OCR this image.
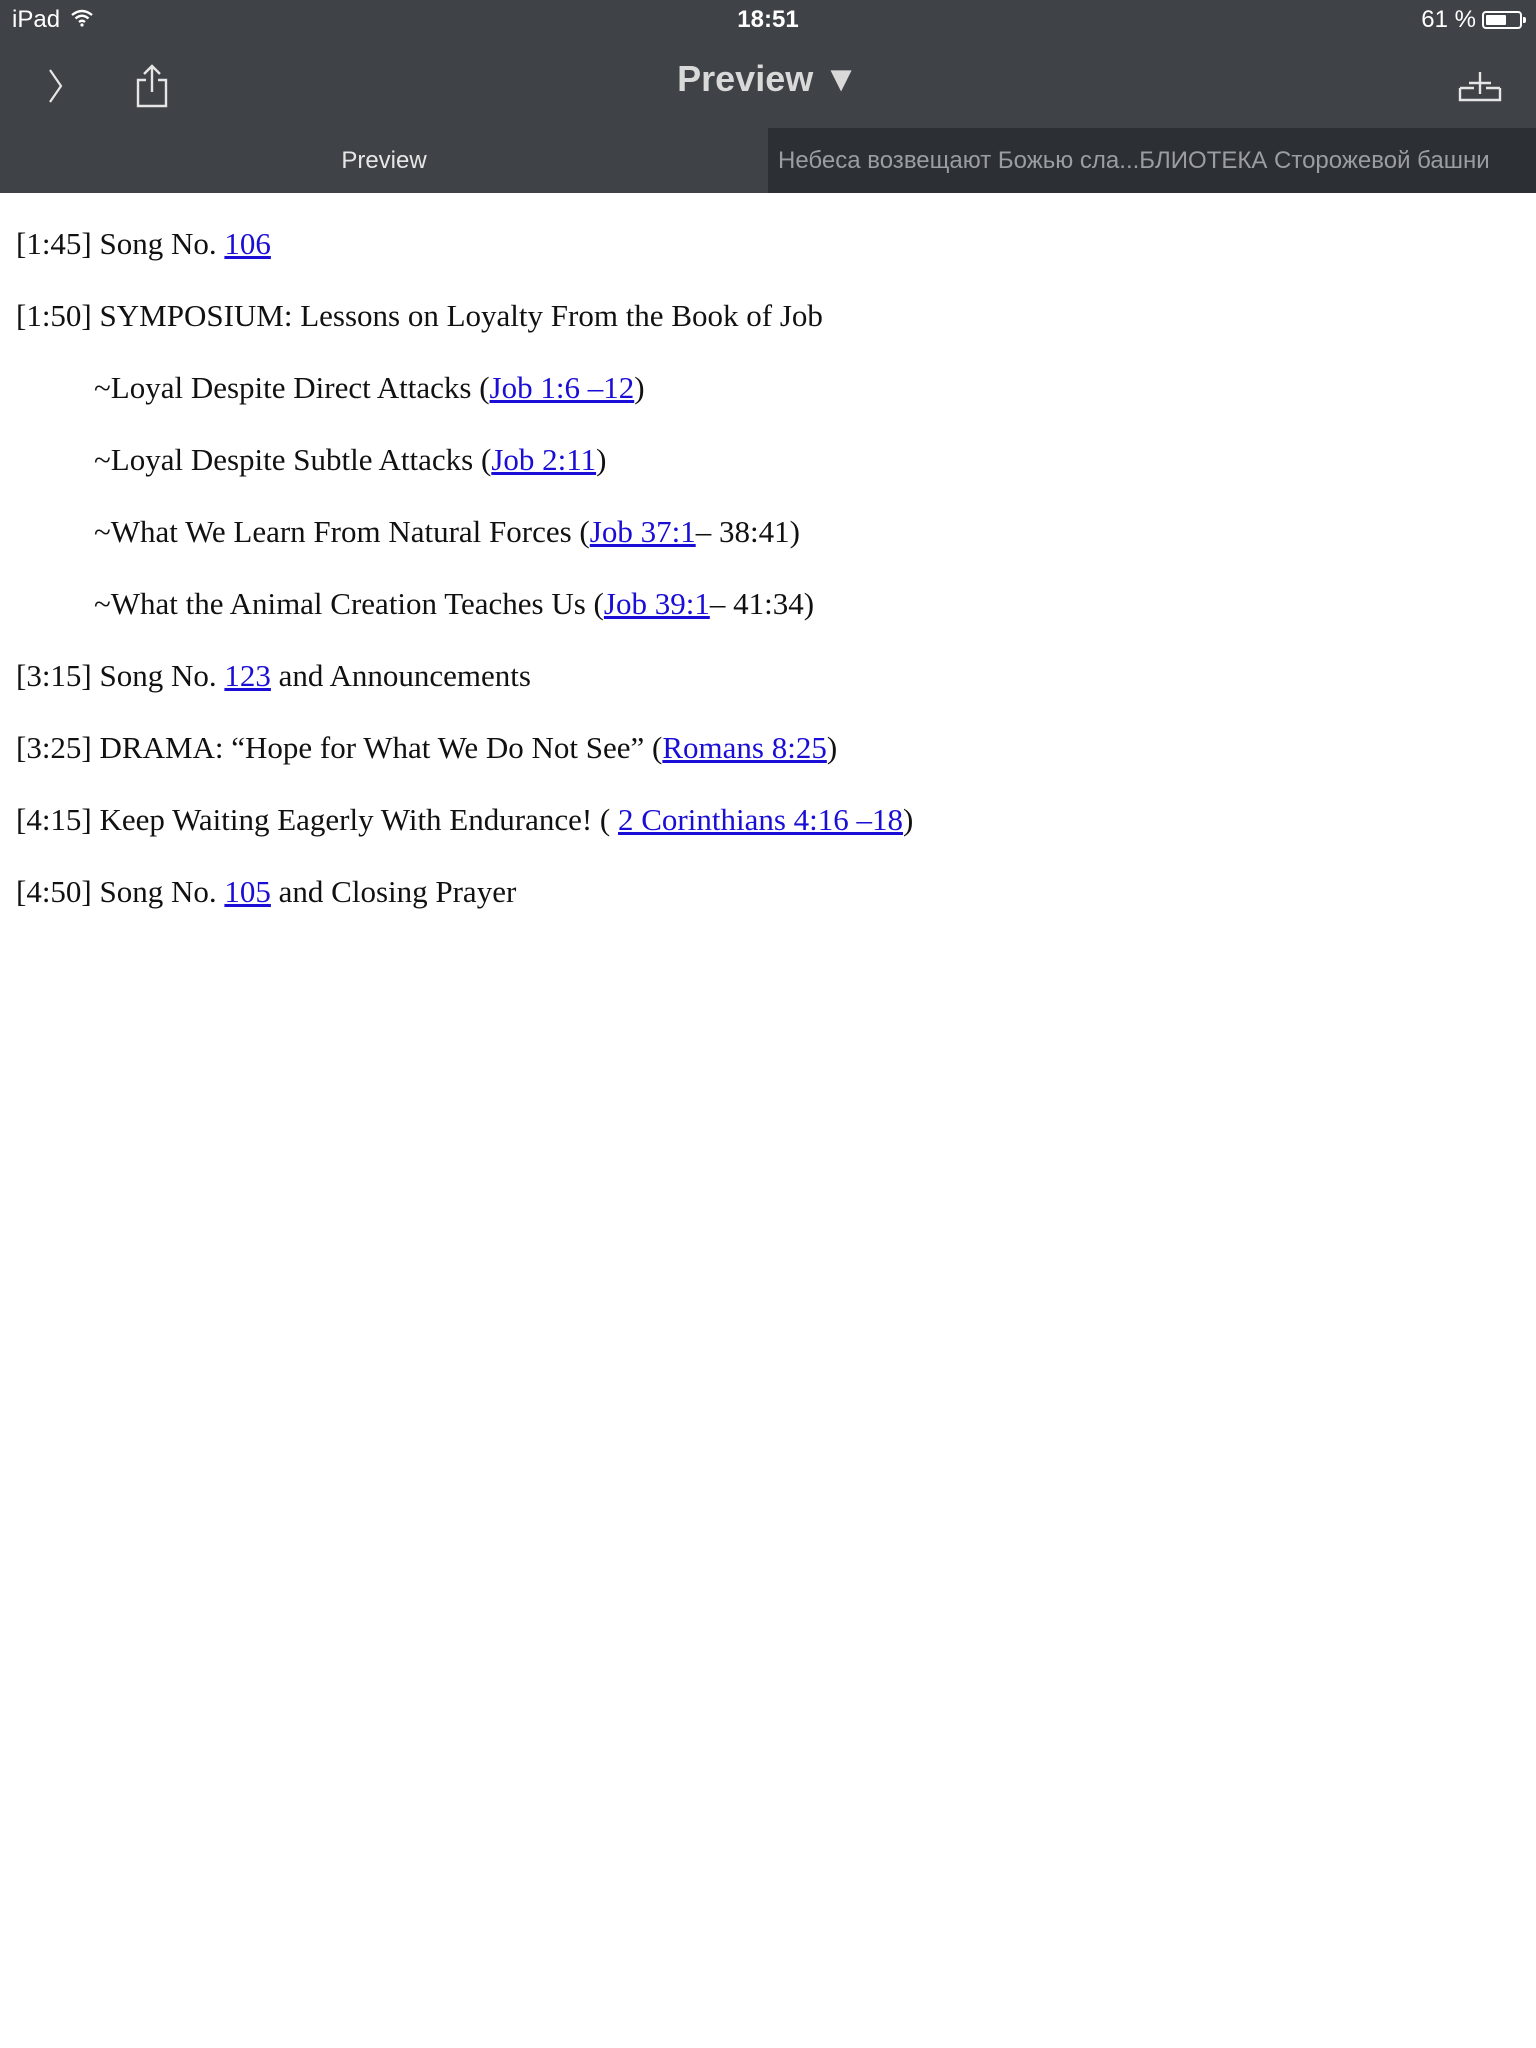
iPad	18:51	61 %
Preview ▼
Preview	Небеса возвещают Божью сла...БЛИОТЕКА Сторожевой башни
[1:45] Song No. 106
[1:50] SYMPOSIUM: Lessons on Loyalty From the Book of Job
~Loyal Despite Direct Attacks (Job 1:6 –12)
~Loyal Despite Subtle Attacks (Job 2:11)
~What We Learn From Natural Forces (Job 37:1– 38:41)
~What the Animal Creation Teaches Us (Job 39:1– 41:34)
[3:15] Song No. 123 and Announcements
[3:25] DRAMA: “Hope for What We Do Not See” (Romans 8:25)
[4:15] Keep Waiting Eagerly With Endurance! ( 2 Corinthians 4:16 –18)
[4:50] Song No. 105 and Closing Prayer
